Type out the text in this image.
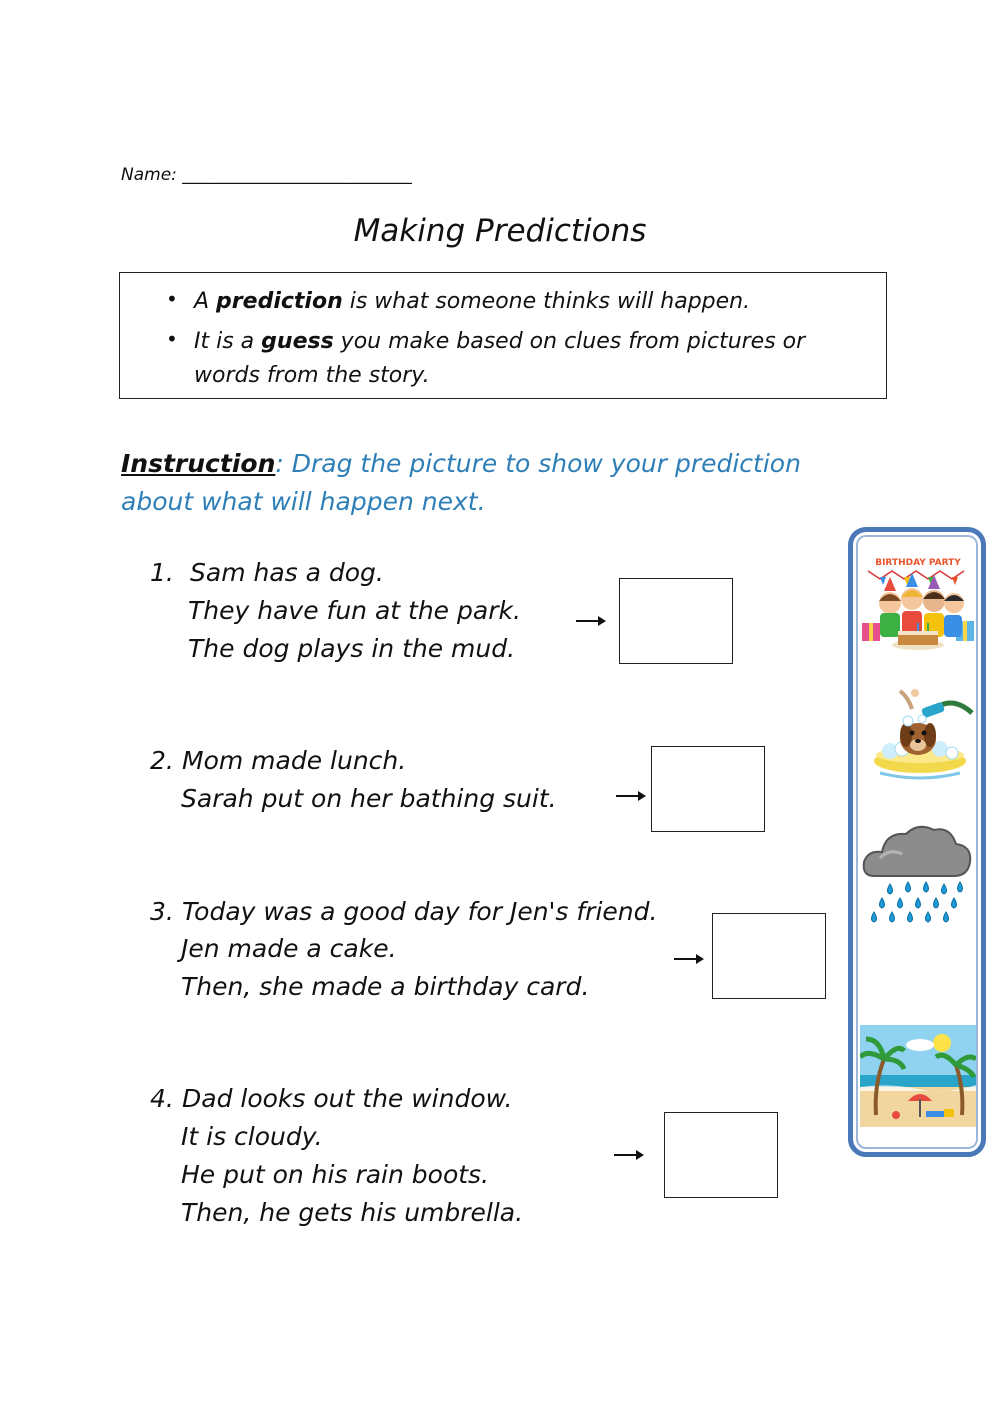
Name: ___________________________
Making Predictions
• A prediction is what someone thinks will happen.
• It is a guess you make based on clues from pictures or words from the story.
Instruction: Drag the picture to show your prediction about what will happen next.
1. Sam has a dog.
They have fun at the park.
The dog plays in the mud.
2. Mom made lunch.
Sarah put on her bathing suit.
3. Today was a good day for Jen's friend.
Jen made a cake.
Then, she made a birthday card.
4. Dad looks out the window.
It is cloudy.
He put on his rain boots.
Then, he gets his umbrella.
BIRTHDAY PARTY
